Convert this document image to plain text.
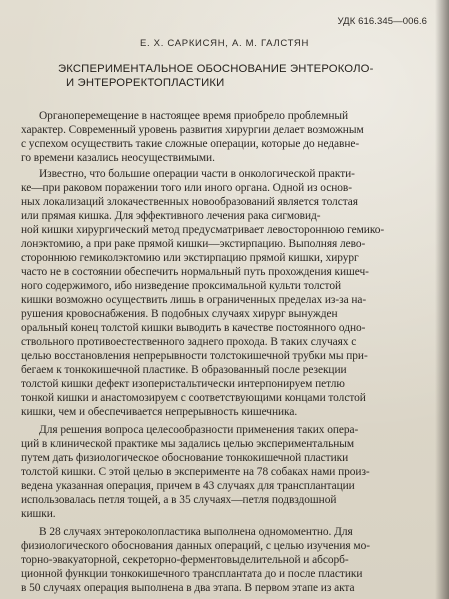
УДК 616.345—006.6
Е. Х. САРКИСЯН, А. М. ГАЛСТЯН
ЭКСПЕРИМЕНТАЛЬНОЕ ОБОСНОВАНИЕ ЭНТЕРОКОЛО-
И ЭНТЕРОРЕКТОПЛАСТИКИ
Органоперемещение в настоящее время приобрело проблемный
характер. Современный уровень развития хирургии делает возможным
с успехом осуществить такие сложные операции, которые до недавне-
го времени казались неосуществимыми.
Известно, что большие операции части в онкологической практи-
ке—при раковом поражении того или иного органа. Одной из основ-
ных локализаций злокачественных новообразований является толстая
или прямая кишка. Для эффективного лечения рака сигмовид-
ной кишки хирургический метод предусматривает левостороннюю гемико-
лонэктомию, а при раке прямой кишки—экстирпацию. Выполняя лево-
стороннюю гемиколэктомию или экстирпацию прямой кишки, хирург
часто не в состоянии обеспечить нормальный путь прохождения кишеч-
ного содержимого, ибо низведение проксимальной культи толстой
кишки возможно осуществить лишь в ограниченных пределах из-за на-
рушения кровоснабжения. В подобных случаях хирург вынужден
оральный конец толстой кишки выводить в качестве постоянного одно-
ствольного противоестественного заднего прохода. В таких случаях с
целью восстановления непрерывности толстокишечной трубки мы при-
бегаем к тонкокишечной пластике. В образованный после резекции
толстой кишки дефект изоперистальтически интерпонируем петлю
тонкой кишки и анастомозируем с соответствующими концами толстой
кишки, чем и обеспечивается непрерывность кишечника.
Для решения вопроса целесообразности применения таких опера-
ций в клинической практике мы задались целью экспериментальным
путем дать физиологическое обоснование тонкокишечной пластики
толстой кишки. С этой целью в эксперименте на 78 собаках нами произ-
ведена указанная операция, причем в 43 случаях для трансплантации
использовалась петля тощей, а в 35 случаях—петля подвздошной
кишки.
В 28 случаях энтероколопластика выполнена одномоментно. Для
физиологического обоснования данных операций, с целью изучения мо-
торно-эвакуаторной, секреторно-ферментовыделительной и абсорб-
ционной функции тонкокишечного трансплантата до и после пластики
в 50 случаях операция выполнена в два этапа. В первом этапе из акта
